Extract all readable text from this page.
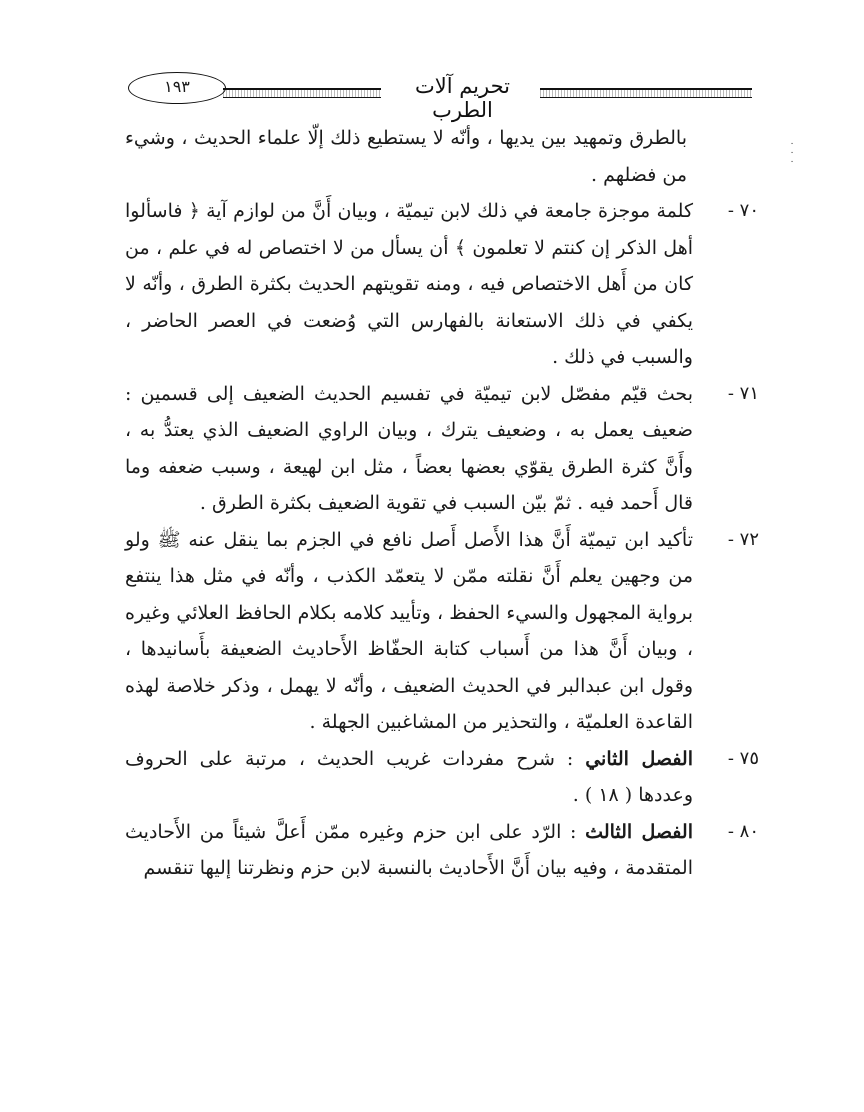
تحريم آلات الطرب
١٩٣
٠ ٠ ٠
بالطرق وتمهيد بين يديها ، وأنّه لا يستطيع ذلك إلّا علماء الحديث ، وشيء من فضلهم .
٧٠ -
كلمة موجزة جامعة في ذلك لابن تيميّة ، وبيان أَنَّ من لوازم آية ﴿ فاسألوا أهل الذكر إن كنتم لا تعلمون ﴾ أن يسأل من لا اختصاص له في علم ، من كان من أَهل الاختصاص فيه ، ومنه تقويتهم الحديث بكثرة الطرق ، وأنّه لا يكفي في ذلك الاستعانة بالفهارس التي وُضعت في العصر الحاضر ، والسبب في ذلك .
٧١ -
بحث قيّم مفصّل لابن تيميّة في تفسيم الحديث الضعيف إلى قسمين : ضعيف يعمل به ، وضعيف يترك ، وبيان الراوي الضعيف الذي يعتدُّ به ، وأَنَّ كثرة الطرق يقوّي بعضها بعضاً ، مثل ابن لهيعة ، وسبب ضعفه وما قال أَحمد فيه . ثمّ بيّن السبب في تقوية الضعيف بكثرة الطرق .
٧٢ -
تأكيد ابن تيميّة أَنَّ هذا الأَصل أَصل نافع في الجزم بما ينقل عنه ﷺ ولو من وجهين يعلم أَنَّ نقلته ممّن لا يتعمّد الكذب ، وأنّه في مثل هذا ينتفع برواية المجهول والسيء الحفظ ، وتأييد كلامه بكلام الحافظ العلائي وغيره ، وبيان أَنَّ هذا من أَسباب كتابة الحفّاظ الأَحاديث الضعيفة بأَسانيدها ، وقول ابن عبدالبر في الحديث الضعيف ، وأنّه لا يهمل ، وذكر خلاصة لهذه القاعدة العلميّة ، والتحذير من المشاغبين الجهلة .
٧٥ -
الفصل الثاني : شرح مفردات غريب الحديث ، مرتبة على الحروف وعددها ( ١٨ ) .
٨٠ -
الفصل الثالث : الرّد على ابن حزم وغيره ممّن أَعلَّ شيئاً من الأَحاديث المتقدمة ، وفيه بيان أَنَّ الأَحاديث بالنسبة لابن حزم ونظرتنا إليها تنقسم
